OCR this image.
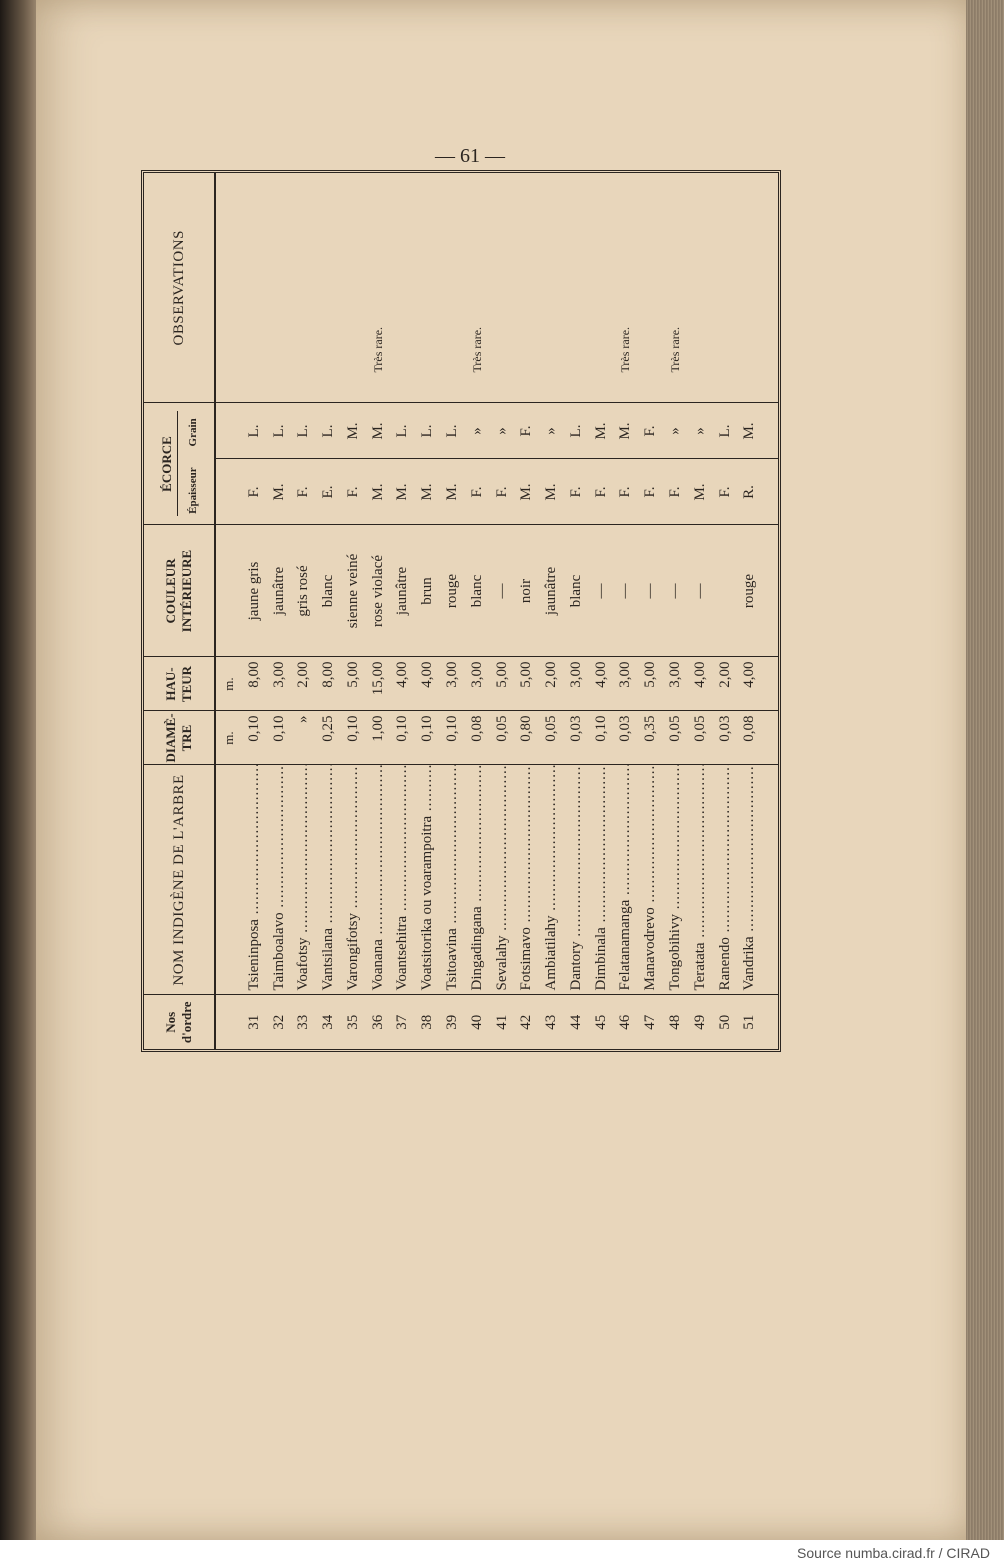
— 61 —
Nos d'ordre	NOM INDIGÈNE DE L'ARBRE	DIAMÈ-TRE	HAU-TEUR	COULEUR INTÉRIEURE	ÉCORCE Épaisseur Grain		OBSERVATIONS
		m.	m.				
31	Tsieninposa .....	0,10	8,00	jaune gris	F.	L.	
32	Taimboalavo .....	0,10	3,00	jaunâtre	M.	L.	
33	Voafotsy .....	»	2,00	gris rosé	F.	L.	
34	Vantsilana .....	0,25	8,00	blanc	E.	L.	
35	Varongifotsy .....	0,10	5,00	sienne veiné	F.	M.	
36	Voanana .....	1,00	15,00	rose violacé	M.	M.	Très rare.
37	Voantsehitra .....	0,10	4,00	jaunâtre	M.	L.	
38	Voatsitorika ou voarampoitra .....	0,10	4,00	brun	M.	L.	
39	Tsitoavina .....	0,10	3,00	rouge	M.	L.	
40	Dingadingana .....	0,08	3,00	blanc	F.	»	Très rare.
41	Sevalahy .....	0,05	5,00	—	F.	»	
42	Fotsimavo .....	0,80	5,00	noir	M.	F.	
43	Ambiatilahy .....	0,05	2,00	jaunâtre	M.	»	
44	Dantory .....	0,03	3,00	blanc	F.	L.	
45	Dimbinala .....	0,10	4,00	—	F.	M.	
46	Felatanamanga .....	0,03	3,00	—	F.	M.	Très rare.
47	Manavodrevo .....	0,35	5,00	—	F.	F.	
48	Tongobihivy .....	0,05	3,00	—	F.	»	Très rare.
49	Teratata .....	0,05	4,00	—	M.	»	
50	Ranendo .....	0,03	2,00		F.	L.	
51	Vandrika .....	0,08	4,00	rouge	R.	M.	

Source numba.cirad.fr / CIRAD
